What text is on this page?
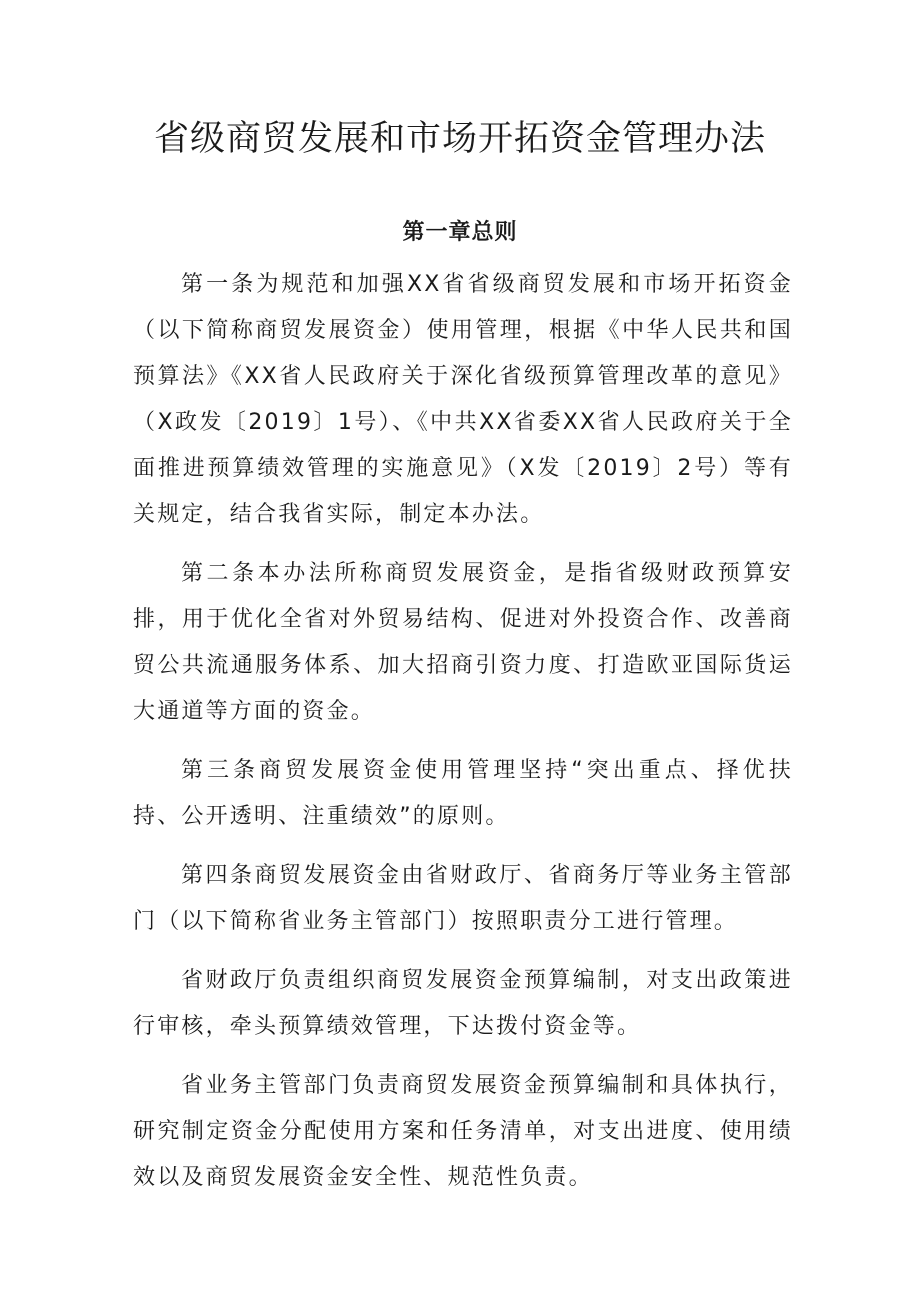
省级商贸发展和市场开拓资金管理办法
第一章总则

第一条为规范和加强XX省省级商贸发展和市场开拓资金（以下简称商贸发展资金）使用管理，根据《中华人民共和国预算法》《XX省人民政府关于深化省级预算管理改革的意见》（X政发〔2019〕1号）、《中共XX省委XX省人民政府关于全面推进预算绩效管理的实施意见》（X发〔2019〕2号）等有关规定，结合我省实际，制定本办法。

第二条本办法所称商贸发展资金，是指省级财政预算安排，用于优化全省对外贸易结构、促进对外投资合作、改善商贸公共流通服务体系、加大招商引资力度、打造欧亚国际货运大通道等方面的资金。

第三条商贸发展资金使用管理坚持“突出重点、择优扶持、公开透明、注重绩效”的原则。

第四条商贸发展资金由省财政厅、省商务厅等业务主管部门（以下简称省业务主管部门）按照职责分工进行管理。

省财政厅负责组织商贸发展资金预算编制，对支出政策进行审核，牵头预算绩效管理，下达拨付资金等。

省业务主管部门负责商贸发展资金预算编制和具体执行，研究制定资金分配使用方案和任务清单，对支出进度、使用绩效以及商贸发展资金安全性、规范性负责。
